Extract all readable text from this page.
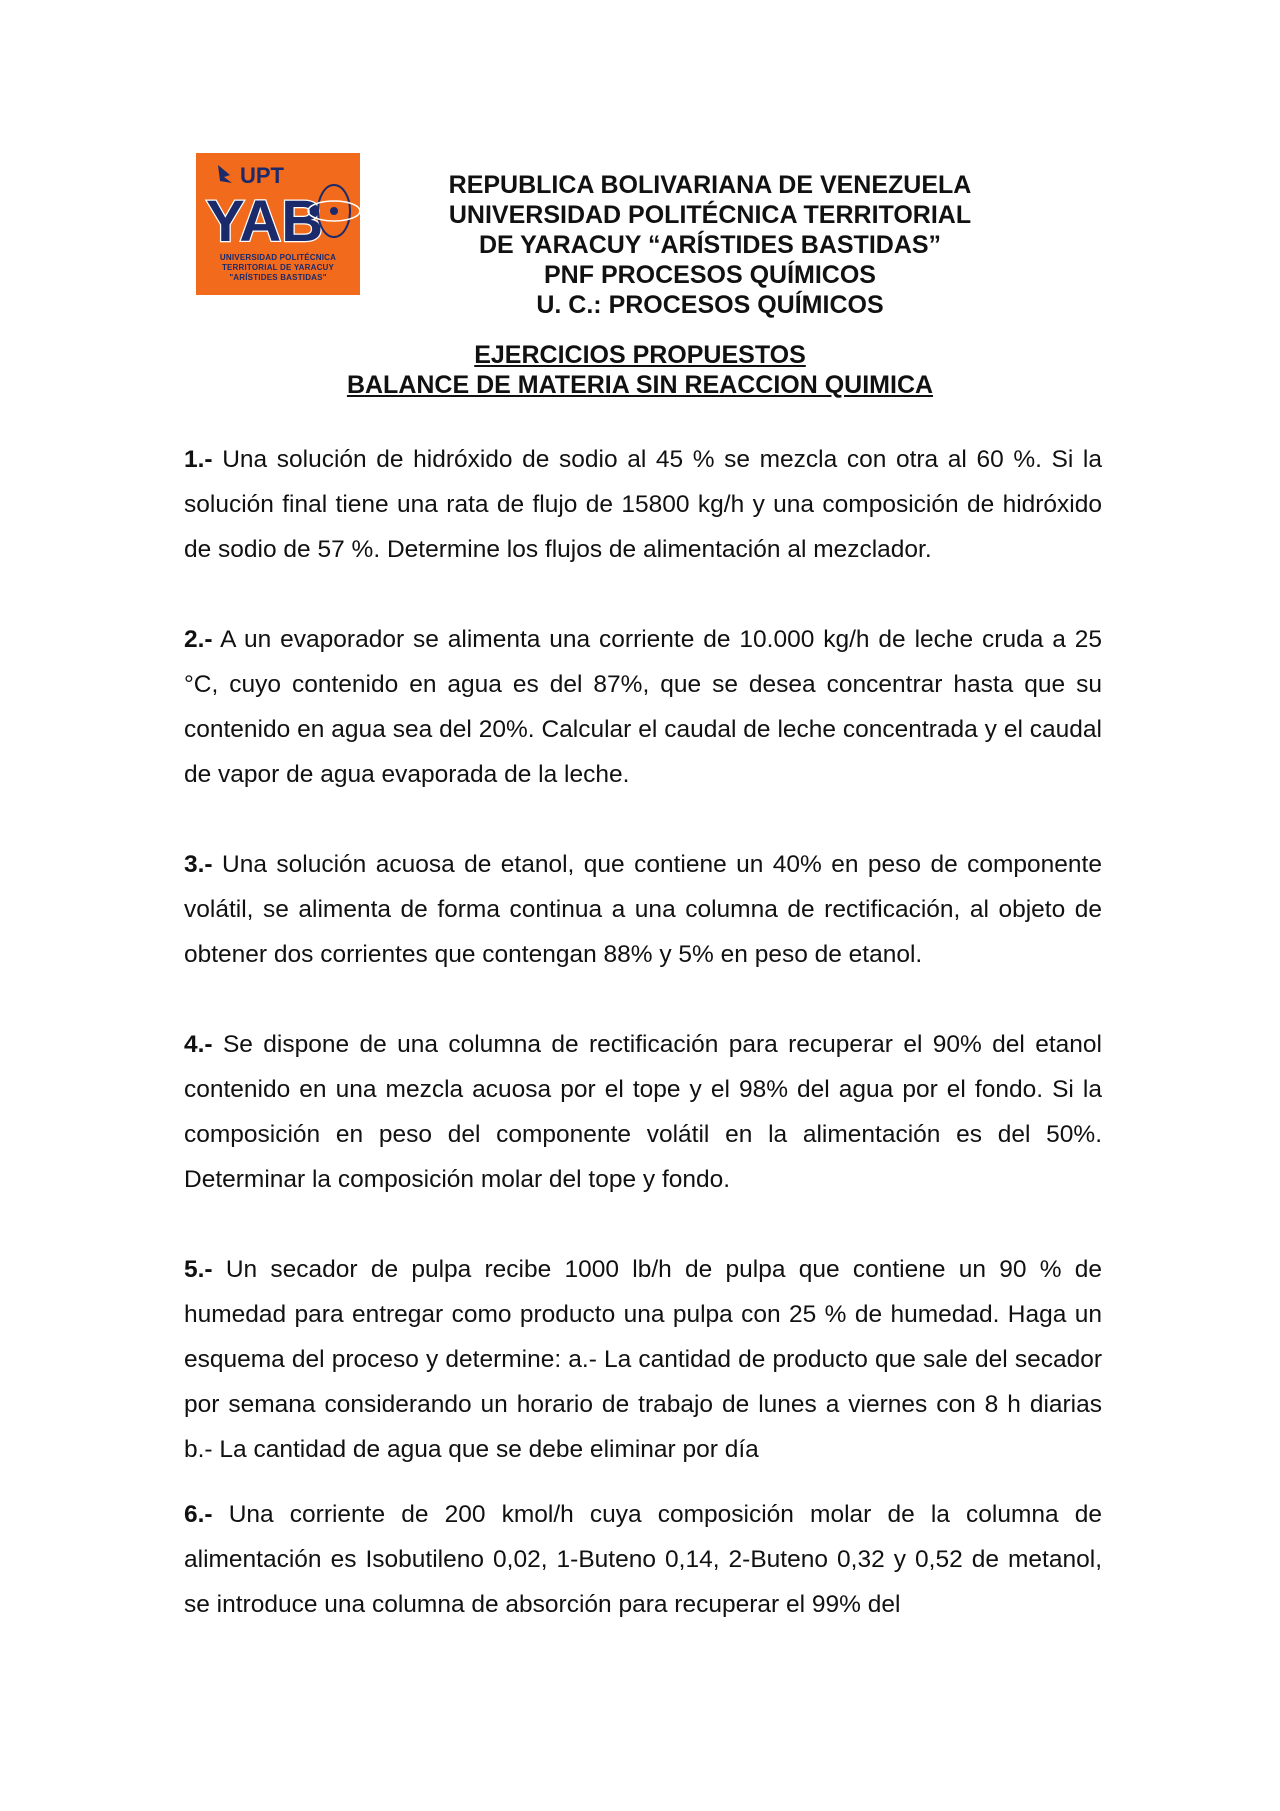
UPT
YAB
UNIVERSIDAD POLITÉCNICA
TERRITORIAL DE YARACUY
"ARÍSTIDES BASTIDAS"
REPUBLICA BOLIVARIANA DE VENEZUELA
UNIVERSIDAD POLITÉCNICA TERRITORIAL
DE YARACUY “ARÍSTIDES BASTIDAS”
PNF PROCESOS QUÍMICOS
U. C.: PROCESOS QUÍMICOS
EJERCICIOS PROPUESTOS
BALANCE DE MATERIA SIN REACCION QUIMICA

1.- Una solución de hidróxido de sodio al 45 % se mezcla con otra al 60 %. Si la solución final tiene una rata de flujo de 15800 kg/h y una composición de hidróxido de sodio de 57 %. Determine los flujos de alimentación al mezclador.

2.- A un evaporador se alimenta una corriente de 10.000 kg/h de leche cruda a 25 °C, cuyo contenido en agua es del 87%, que se desea concentrar hasta que su contenido en agua sea del 20%. Calcular el caudal de leche concentrada y el caudal de vapor de agua evaporada de la leche.

3.- Una solución acuosa de etanol, que contiene un 40% en peso de componente volátil, se alimenta de forma continua a una columna de rectificación, al objeto de obtener dos corrientes que contengan 88% y 5% en peso de etanol.

4.- Se dispone de una columna de rectificación para recuperar el 90% del etanol contenido en una mezcla acuosa por el tope y el 98% del agua por el fondo. Si la composición en peso del componente volátil en la alimentación es del 50%. Determinar la composición molar del tope y fondo.

5.- Un secador de pulpa recibe 1000 lb/h de pulpa que contiene un 90 % de humedad para entregar como producto una pulpa con 25 % de humedad. Haga un esquema del proceso y determine: a.- La cantidad de producto que sale del secador por semana considerando un horario de trabajo de lunes a viernes con 8 h diarias b.- La cantidad de agua que se debe eliminar por día

6.- Una corriente de 200 kmol/h cuya composición molar de la columna de alimentación es Isobutileno 0,02, 1-Buteno 0,14, 2-Buteno 0,32 y 0,52 de metanol, se introduce una columna de absorción para recuperar el 99% del
